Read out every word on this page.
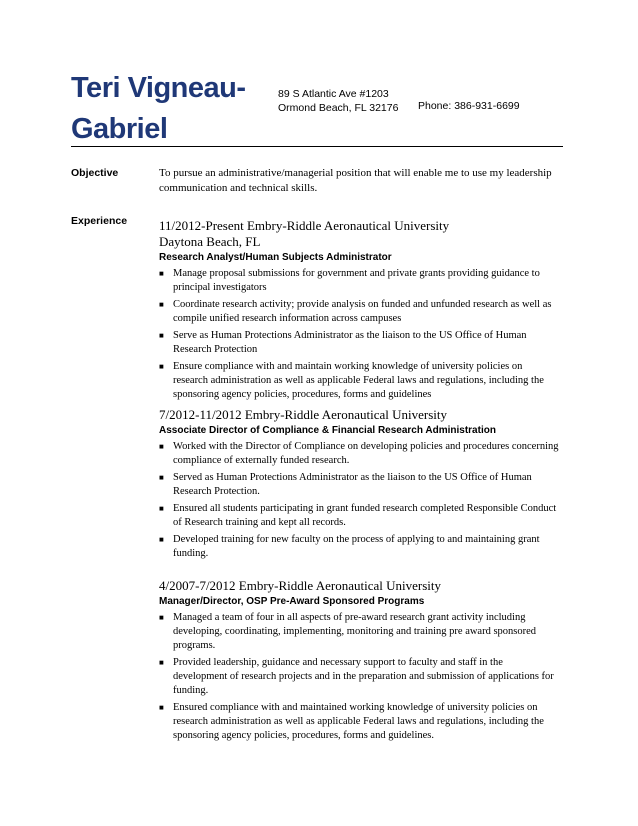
Teri Vigneau-Gabriel
89 S Atlantic Ave #1203
Ormond Beach, FL 32176 Phone: 386-931-6699
Objective	To pursue an administrative/managerial position that will enable me to use my leadership communication and technical skills.
Experience 11/2012-Present Embry-Riddle Aeronautical University
Daytona Beach, FL
Research Analyst/Human Subjects Administrator
■ Manage proposal submissions for government and private grants providing guidance to principal investigators
■ Coordinate research activity; provide analysis on funded and unfunded research as well as compile unified research information across campuses
■ Serve as Human Protections Administrator as the liaison to the US Office of Human Research Protection
■ Ensure compliance with and maintain working knowledge of university policies on research administration as well as applicable Federal laws and regulations, including the sponsoring agency policies, procedures, forms and guidelines
7/2012-11/2012 Embry-Riddle Aeronautical University
Associate Director of Compliance & Financial Research Administration
■ Worked with the Director of Compliance on developing policies and procedures concerning compliance of externally funded research.
■ Served as Human Protections Administrator as the liaison to the US Office of Human Research Protection.
■ Ensured all students participating in grant funded research completed Responsible Conduct of Research training and kept all records.
■ Developed training for new faculty on the process of applying to and maintaining grant funding.
4/2007-7/2012 Embry-Riddle Aeronautical University
Manager/Director, OSP Pre-Award Sponsored Programs
■ Managed a team of four in all aspects of pre-award research grant activity including developing, coordinating, implementing, monitoring and training pre award sponsored programs.
■ Provided leadership, guidance and necessary support to faculty and staff in the development of research projects and in the preparation and submission of applications for funding.
■ Ensured compliance with and maintained working knowledge of university policies on research administration as well as applicable Federal laws and regulations, including the sponsoring agency policies, procedures, forms and guidelines.
